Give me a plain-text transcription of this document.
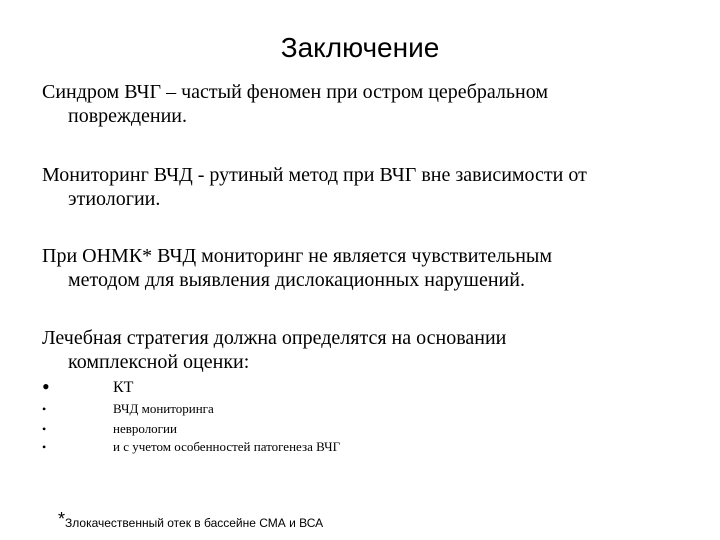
Заключение
Синдром ВЧГ – частый феномен при остром церебральном
повреждении.
Мониторинг ВЧД - рутиный метод при ВЧГ вне зависимости от
этиологии.
При ОНМК* ВЧД мониторинг не является чувствительным
методом для выявления дислокационных нарушений.
Лечебная стратегия должна определятся на основании
комплексной оценки:
•	КТ
•	ВЧД мониторинга
•	неврологии
•	и с учетом особенностей патогенеза ВЧГ
*Злокачественный отек в бассейне СМА и ВСА
